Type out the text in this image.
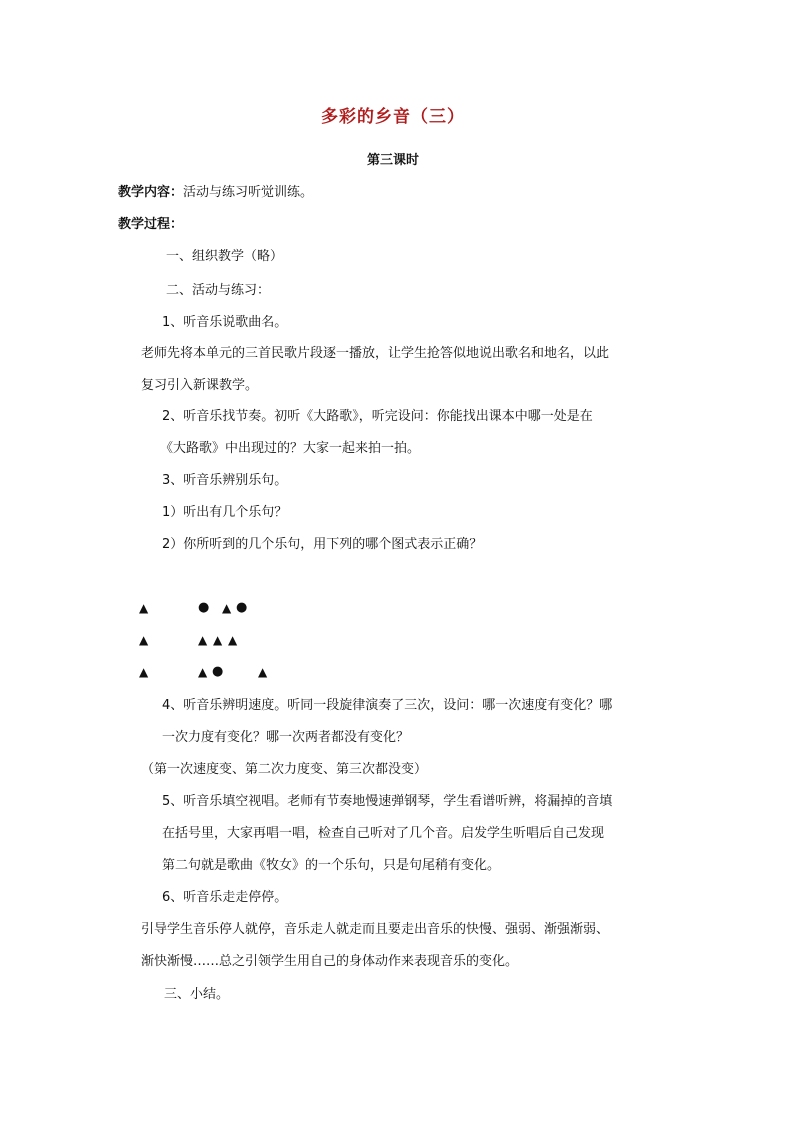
多彩的乡音（三）
第三课时
教学内容：活动与练习听觉训练。
教学过程：
一、组织教学（略）
二、活动与练习：
1、听音乐说歌曲名。
老师先将本单元的三首民歌片段逐一播放，让学生抢答似地说出歌名和地名，以此
复习引入新课教学。
2、听音乐找节奏。初听《大路歌》，听完设问：你能找出课本中哪一处是在
《大路歌》中出现过的？大家一起来拍一拍。
3、听音乐辨别乐句。
1）听出有几个乐句？
2）你所听到的几个乐句，用下列的哪个图式表示正确？
▲	● ▲ ●
▲	▲ ▲ ▲
▲	▲ ●	▲
4、听音乐辨明速度。听同一段旋律演奏了三次，设问：哪一次速度有变化？哪
一次力度有变化？哪一次两者都没有变化？
（第一次速度变、第二次力度变、第三次都没变）
5、听音乐填空视唱。老师有节奏地慢速弹钢琴，学生看谱听辨，将漏掉的音填
在括号里，大家再唱一唱，检查自己听对了几个音。启发学生听唱后自己发现
第二句就是歌曲《牧女》的一个乐句，只是句尾稍有变化。
6、听音乐走走停停。
引导学生音乐停人就停，音乐走人就走而且要走出音乐的快慢、强弱、渐强渐弱、
渐快渐慢……总之引领学生用自己的身体动作来表现音乐的变化。
三、小结。
